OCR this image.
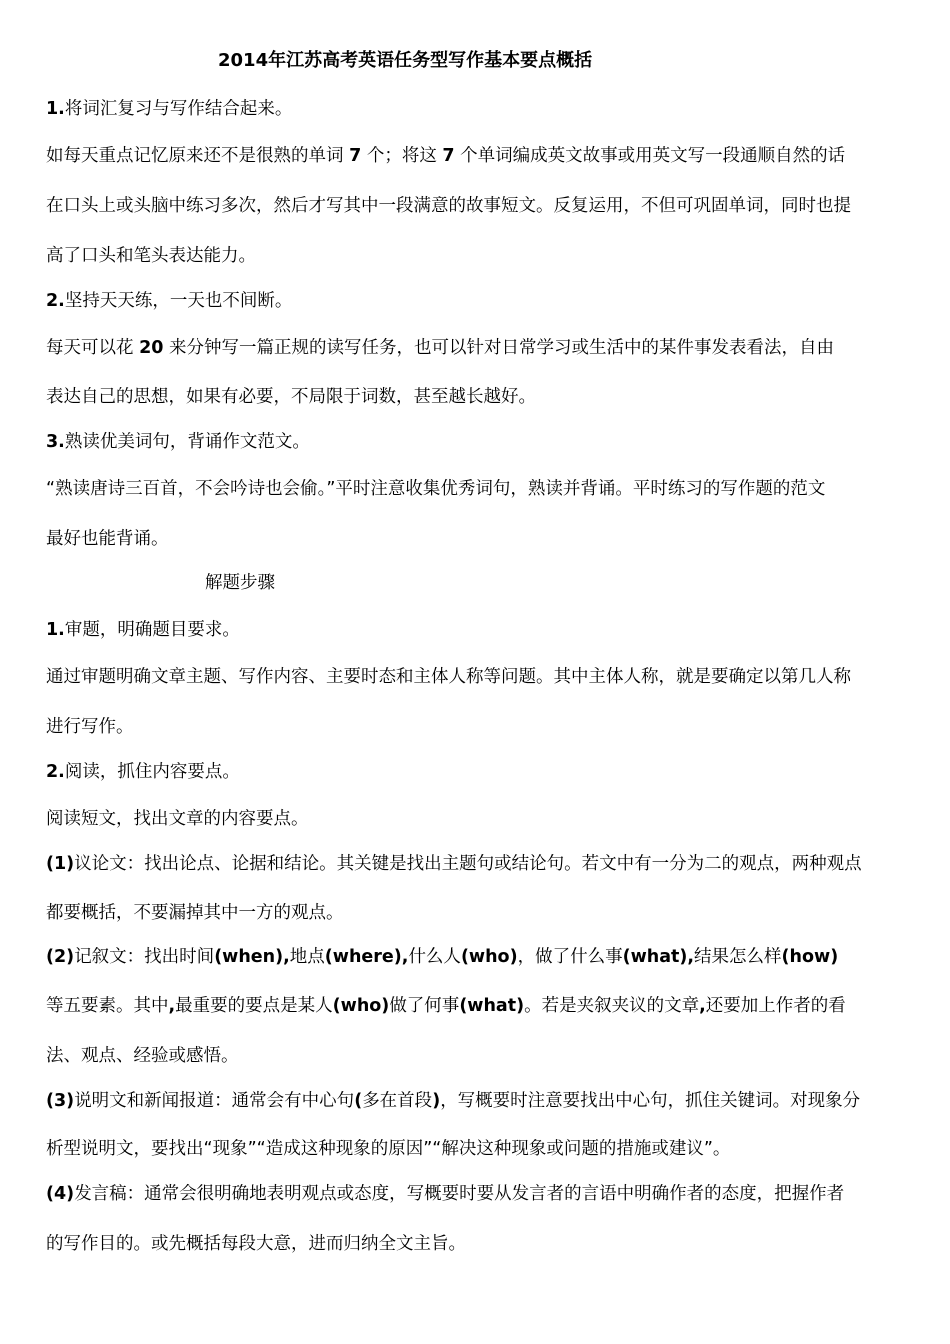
2014年江苏高考英语任务型写作基本要点概括
1.将词汇复习与写作结合起来。
如每天重点记忆原来还不是很熟的单词 7 个；将这 7 个单词编成英文故事或用英文写一段通顺自然的话
在口头上或头脑中练习多次，然后才写其中一段满意的故事短文。反复运用，不但可巩固单词，同时也提
高了口头和笔头表达能力。
2.坚持天天练，一天也不间断。
每天可以花 20 来分钟写一篇正规的读写任务，也可以针对日常学习或生活中的某件事发表看法，自由
表达自己的思想，如果有必要，不局限于词数，甚至越长越好。
3.熟读优美词句，背诵作文范文。
“熟读唐诗三百首，不会吟诗也会偷。”平时注意收集优秀词句，熟读并背诵。平时练习的写作题的范文
最好也能背诵。
解题步骤
1.审题，明确题目要求。
通过审题明确文章主题、写作内容、主要时态和主体人称等问题。其中主体人称，就是要确定以第几人称
进行写作。
2.阅读，抓住内容要点。
阅读短文，找出文章的内容要点。
(1)议论文：找出论点、论据和结论。其关键是找出主题句或结论句。若文中有一分为二的观点，两种观点
都要概括，不要漏掉其中一方的观点。
(2)记叙文：找出时间(when),地点(where),什么人(who)，做了什么事(what),结果怎么样(how)
等五要素。其中,最重要的要点是某人(who)做了何事(what)。若是夹叙夹议的文章,还要加上作者的看
法、观点、经验或感悟。
(3)说明文和新闻报道：通常会有中心句(多在首段)，写概要时注意要找出中心句，抓住关键词。对现象分
析型说明文，要找出“现象”“造成这种现象的原因”“解决这种现象或问题的措施或建议”。
(4)发言稿：通常会很明确地表明观点或态度，写概要时要从发言者的言语中明确作者的态度，把握作者
的写作目的。或先概括每段大意，进而归纳全文主旨。
